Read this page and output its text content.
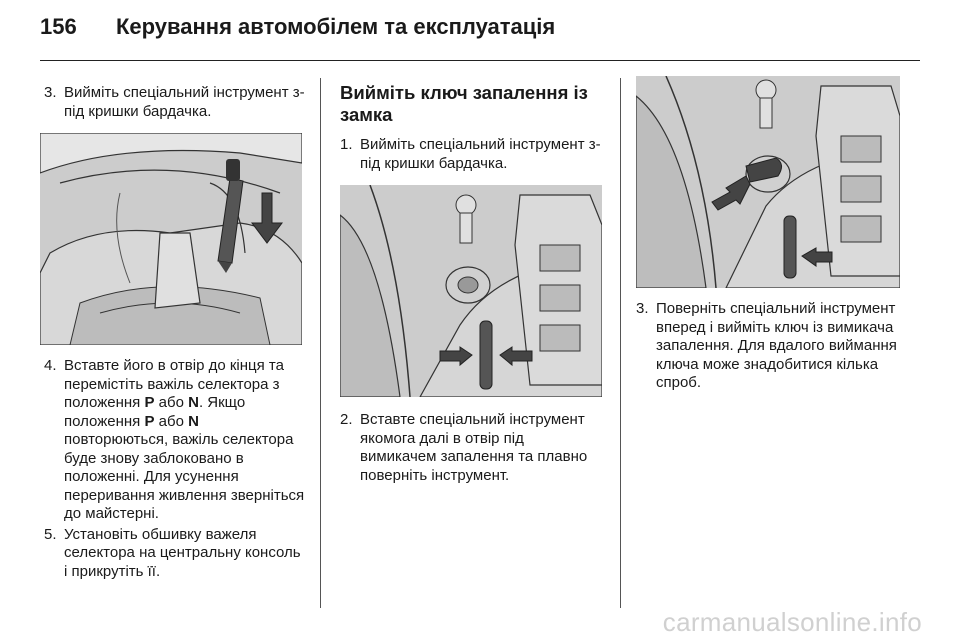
156 Керування автомобілем та експлуатація
3. Вийміть спеціальний інструмент з-під кришки бардачка.
4. Вставте його в отвір до кінця та перемістіть важіль селектора з положення P або N. Якщо положення P або N повторюються, важіль селектора буде знову заблоковано в положенні. Для усунення переривання живлення зверніться до майстерні.
5. Установіть обшивку важеля селектора на центральну консоль і прикрутіть її.
Вийміть ключ запалення із замка
1. Вийміть спеціальний інструмент з-під кришки бардачка.
2. Вставте спеціальний інструмент якомога далі в отвір під вимикачем запалення та плавно поверніть інструмент.
3. Поверніть спеціальний інструмент вперед і вийміть ключ із вимикача запалення. Для вдалого виймання ключа може знадобитися кілька спроб.
carmanualsonline.info
